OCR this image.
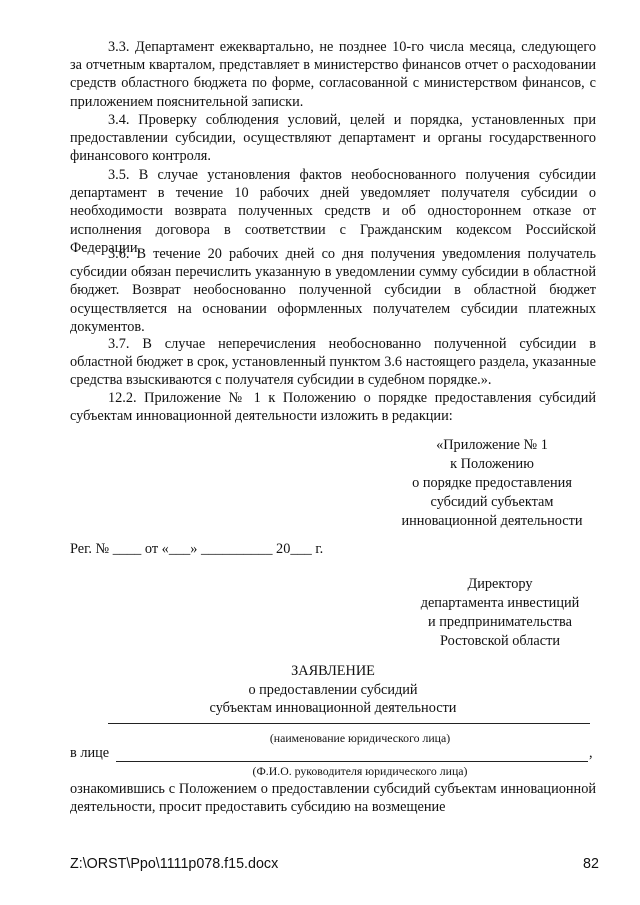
3.3. Департамент ежеквартально, не позднее 10-го числа месяца, следующего за отчетным кварталом, представляет в министерство финансов отчет о расходовании средств областного бюджета по форме, согласованной с министерством финансов, с приложением пояснительной записки.

3.4. Проверку соблюдения условий, целей и порядка, установленных при предоставлении субсидии, осуществляют департамент и органы государственного финансового контроля.

3.5. В случае установления фактов необоснованного получения субсидии департамент в течение 10 рабочих дней уведомляет получателя субсидии о необходимости возврата полученных средств и об одностороннем отказе от исполнения договора в соответствии с Гражданским кодексом Российской Федерации.

3.6. В течение 20 рабочих дней со дня получения уведомления получатель субсидии обязан перечислить указанную в уведомлении сумму субсидии в областной бюджет. Возврат необоснованно полученной субсидии в областной бюджет осуществляется на основании оформленных получателем субсидии платежных документов.

3.7. В случае неперечисления необоснованно полученной субсидии в областной бюджет в срок, установленный пунктом 3.6 настоящего раздела, указанные средства взыскиваются с получателя субсидии в судебном порядке.».

12.2. Приложение № 1 к Положению о порядке предоставления субсидий субъектам инновационной деятельности изложить в редакции:

«Приложение № 1
к Положению
о порядке предоставления
субсидий субъектам
инновационной деятельности
Рег. № ____ от «___» __________ 20___ г.
Директору
департамента инвестиций
и предпринимательства
Ростовской области
ЗАЯВЛЕНИЕ
о предоставлении субсидий
субъектам инновационной деятельности
(наименование юридического лица)
в лице	,
(Ф.И.О. руководителя юридического лица)

ознакомившись с Положением о предоставлении субсидий субъектам инновационной деятельности, просит предоставить субсидию на возмещение

Z:\ORST\Ppo\1111p078.f15.docx	82
